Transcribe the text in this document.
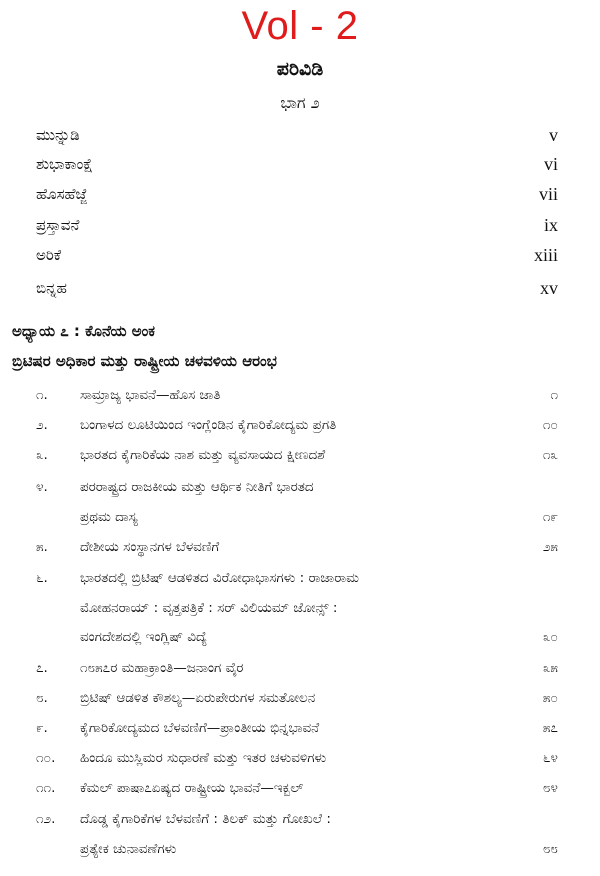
Vol - 2
ಪರಿವಿಡಿ
ಭಾಗ ೨
ಮುನ್ನುಡಿ	v
ಶುಭಾಕಾಂಕ್ಷೆ	vi
ಹೊಸಹೆಜ್ಜೆ	vii
ಪ್ರಸ್ತಾವನೆ	ix
ಅರಿಕೆ	xiii
ಬಿನ್ನಹ	xv
ಅಧ್ಯಾಯ ೭ : ಕೊನೆಯ ಅಂಕ
ಬ್ರಿಟಿಷರ ಅಧಿಕಾರ ಮತ್ತು ರಾಷ್ಟ್ರೀಯ ಚಳವಳಿಯ ಆರಂಭ
೧.	ಸಾಮ್ರಾಜ್ಯ ಭಾವನೆ—ಹೊಸ ಜಾತಿ	೧
೨.	ಬಂಗಾಳದ ಲೂಟಿಯಿಂದ ಇಂಗ್ಲೆಂಡಿನ ಕೈಗಾರಿಕೋದ್ಯಮ ಪ್ರಗತಿ	೧೦
೩.	ಭಾರತದ ಕೈಗಾರಿಕೆಯ ನಾಶ ಮತ್ತು ವ್ಯವಸಾಯದ ಕ್ಷೀಣದಶೆ	೧೩
೪.	ಪರರಾಷ್ಟ್ರದ ರಾಜಕೀಯ ಮತ್ತು ಆರ್ಥಿಕ ನೀತಿಗೆ ಭಾರತದ
ಪ್ರಥಮ ದಾಸ್ಯ	೧೯
೫.	ದೇಶೀಯ ಸಂಸ್ಥಾನಗಳ ಬೆಳವಣಿಗೆ	೨೫
೬.	ಭಾರತದಲ್ಲಿ ಬ್ರಿಟಿಷ್ ಆಡಳಿತದ ವಿರೋಧಾಭಾಸಗಳು : ರಾಜಾರಾಮ
ಮೋಹನರಾಯ್ : ವೃತ್ತಪತ್ರಿಕೆ : ಸರ್ ವಿಲಿಯಮ್ ಜೋನ್ಸ್ :
ವಂಗದೇಶದಲ್ಲಿ ಇಂಗ್ಲಿಷ್ ವಿದ್ಯೆ	೩೦
೭.	೧೮೫೭ರ ಮಹಾಕ್ರಾಂತಿ—ಜನಾಂಗ ವೈರ	೩೫
೮.	ಬ್ರಿಟಿಷ್ ಆಡಳಿತ ಕೌಶಲ್ಯ—ಏರುಪೇರುಗಳ ಸಮತೋಲನ	೫೦
೯.	ಕೈಗಾರಿಕೋದ್ಯಮದ ಬೆಳವಣಿಗೆ—ಪ್ರಾಂತೀಯ ಭಿನ್ನಭಾವನೆ	೫೭
೧೦.	ಹಿಂದೂ ಮುಸ್ಲಿಮರ ಸುಧಾರಣೆ ಮತ್ತು ಇತರ ಚಳುವಳಿಗಳು	೬೪
೧೧.	ಕೆಮಲ್ ಪಾಷಾ೭ಏಷ್ಯದ ರಾಷ್ಟ್ರೀಯ ಭಾವನೆ—ಇಕ್ಬಲ್	೮೪
೧೨.	ದೊಡ್ಡ ಕೈಗಾರಿಕೆಗಳ ಬೆಳವಣಿಗೆ : ತಿಲಕ್ ಮತ್ತು ಗೋಖಲೆ :
ಪ್ರತ್ಯೇಕ ಚುನಾವಣೆಗಳು	೮೮
